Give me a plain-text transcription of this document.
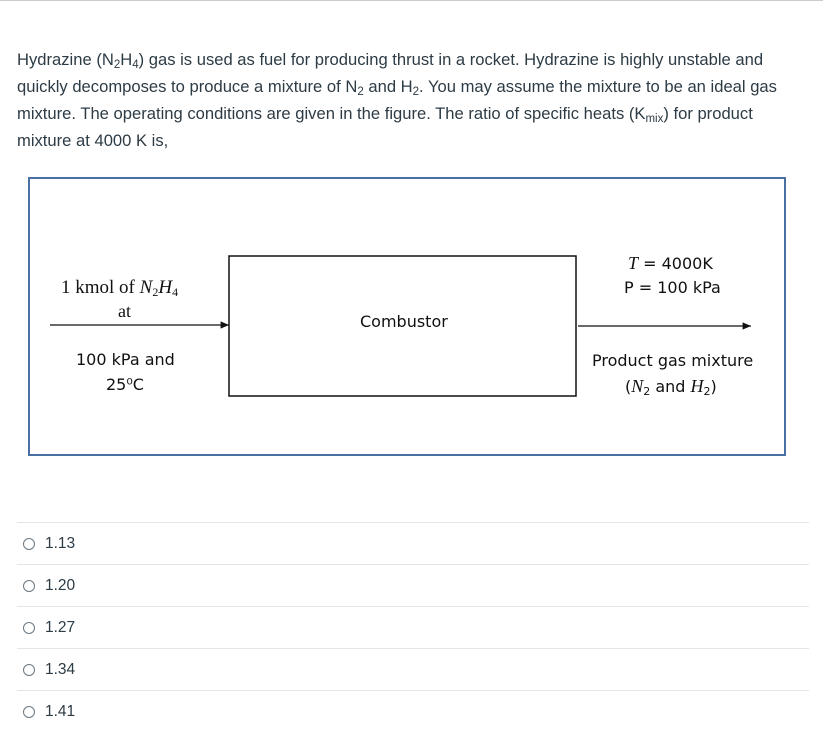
Hydrazine $(N_2H_4)$ gas is used as fuel for producing thrust in a rocket. Hydrazine is highly unstable and quickly decomposes to produce a mixture of $N_2$ and $H_2$. You may assume the mixture to be an ideal gas mixture. The operating conditions are given in the figure. The ratio of specific heats $(K_{mix})$ for product mixture at 4000 K is,
1 kmol of $N_2H_4$
at
100 kPa and
25⁰C
Combustor
T = 4000K
P = 100 kPa
Product gas mixture
($N_2$ and $H_2$)
1.13
1.20
1.27
1.34
1.41
